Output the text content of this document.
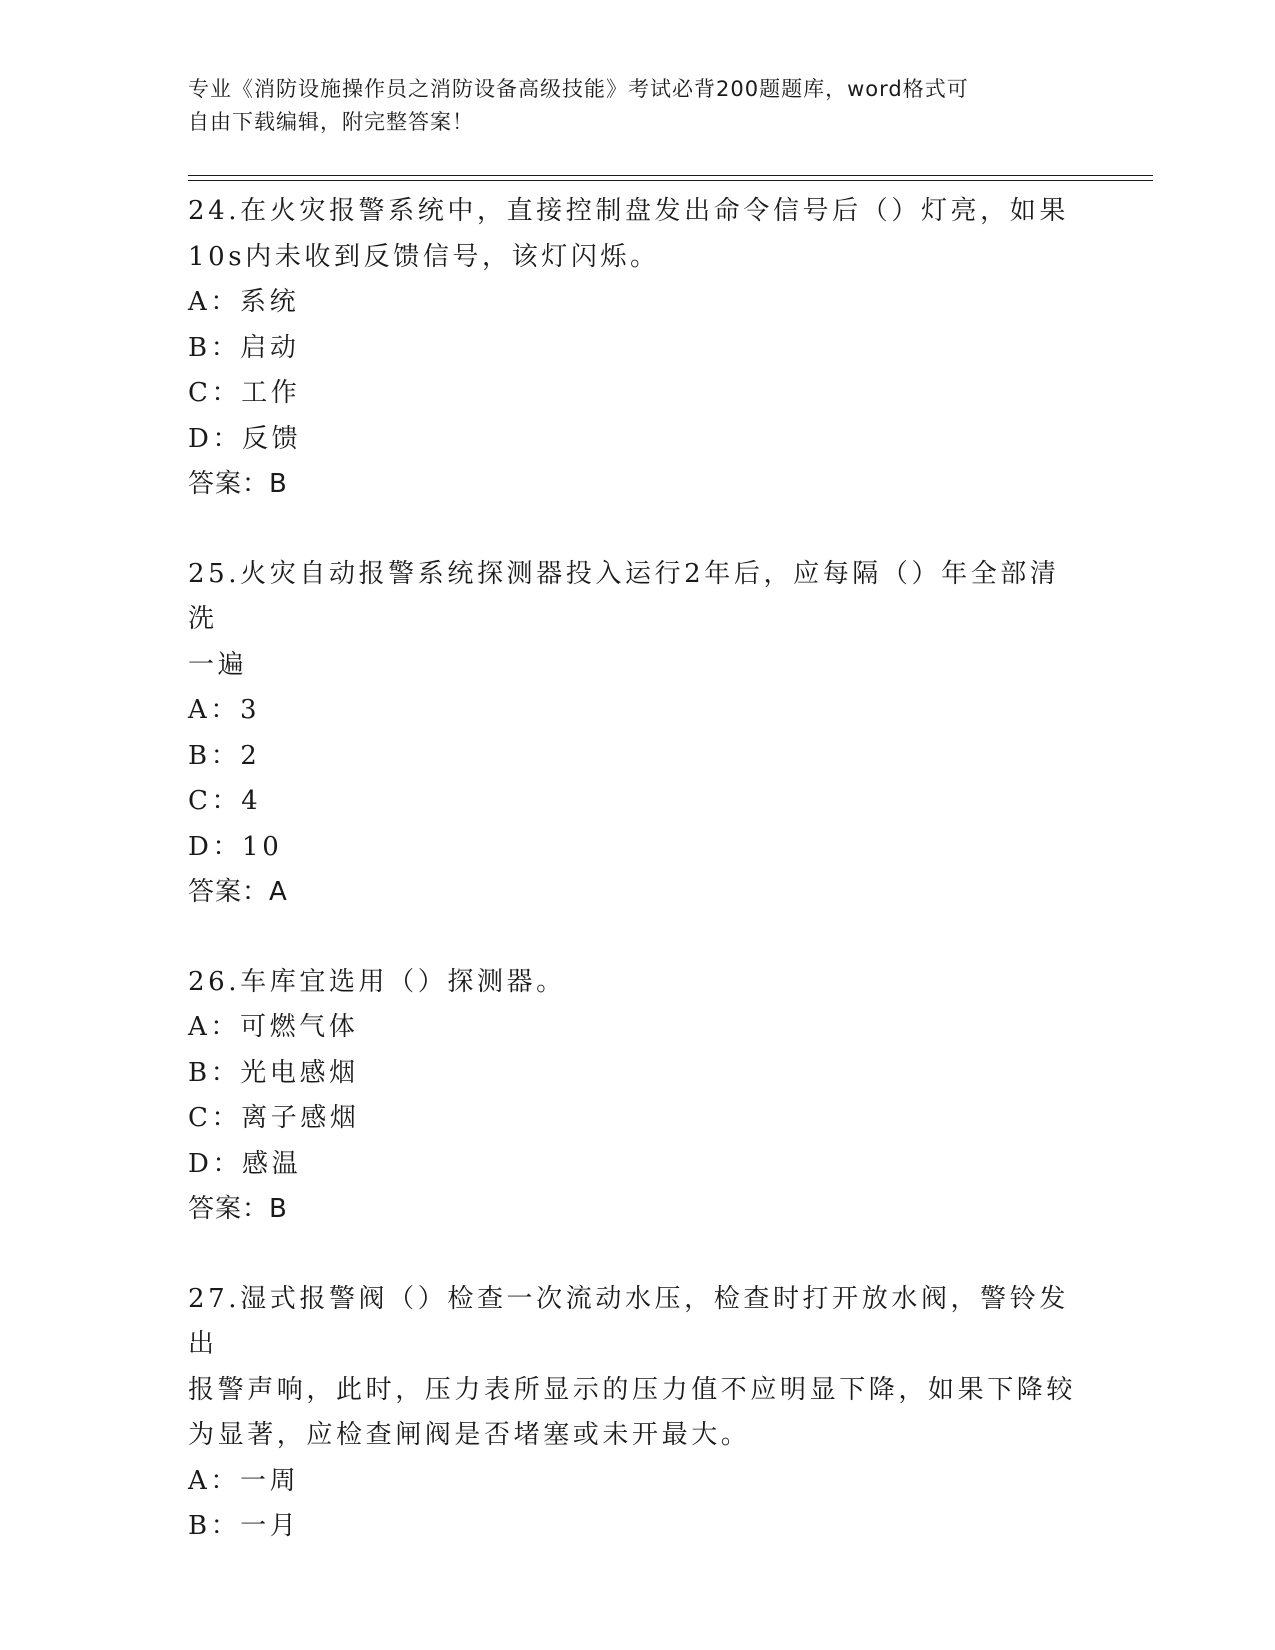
专业《消防设施操作员之消防设备高级技能》考试必背200题题库，word格式可
自由下载编辑，附完整答案！
24.在火灾报警系统中，直接控制盘发出命令信号后（）灯亮，如果
10s内未收到反馈信号，该灯闪烁。
A：系统
B：启动
C：工作
D：反馈
答案：B
25.火灾自动报警系统探测器投入运行2年后，应每隔（）年全部清洗
一遍
A：3
B：2
C：4
D：10
答案：A
26.车库宜选用（）探测器。
A：可燃气体
B：光电感烟
C：离子感烟
D：感温
答案：B
27.湿式报警阀（）检查一次流动水压，检查时打开放水阀，警铃发出
报警声响，此时，压力表所显示的压力值不应明显下降，如果下降较
为显著，应检查闸阀是否堵塞或未开最大。
A：一周
B：一月
